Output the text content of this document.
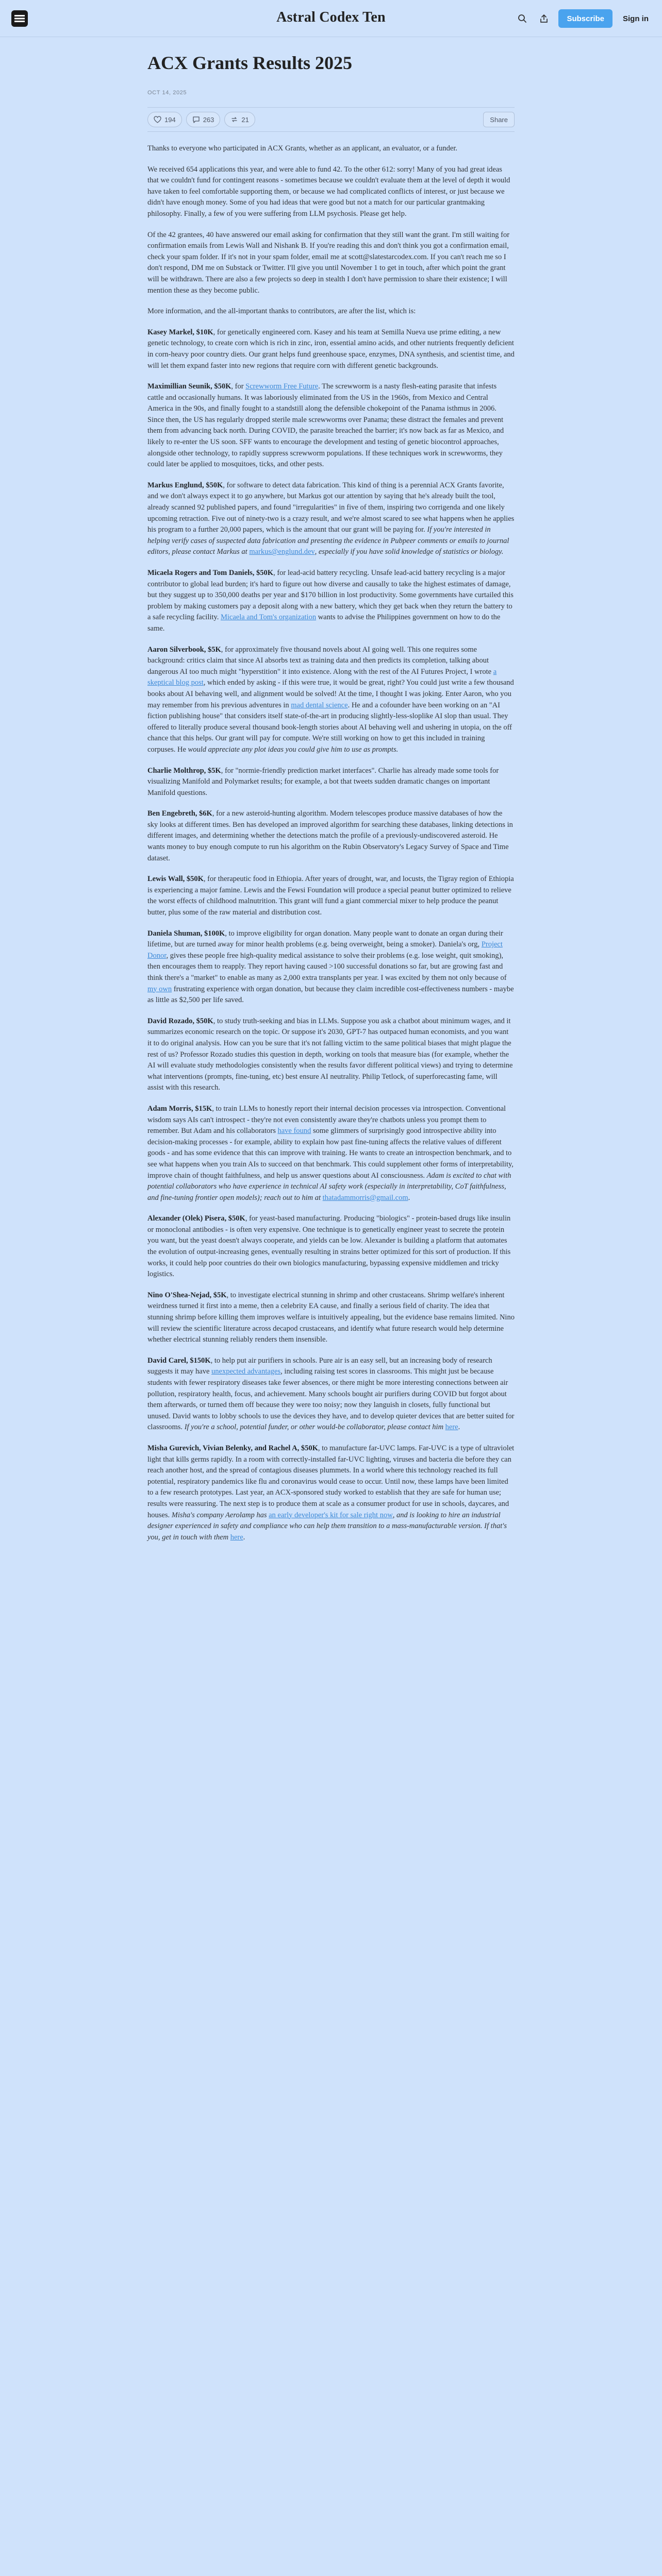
Astral Codex Ten	Subscribe	Sign in
ACX Grants Results 2025
OCT 14, 2025
194	263	21	Share

Thanks to everyone who participated in ACX Grants, whether as an applicant, an evaluator, or a funder.

We received 654 applications this year, and were able to fund 42. To the other 612: sorry! Many of you had great ideas that we couldn't fund for contingent reasons - sometimes because we couldn't evaluate them at the level of depth it would have taken to feel comfortable supporting them, or because we had complicated conflicts of interest, or just because we didn't have enough money. Some of you had ideas that were good but not a match for our particular grantmaking philosophy. Finally, a few of you were suffering from LLM psychosis. Please get help.

Of the 42 grantees, 40 have answered our email asking for confirmation that they still want the grant. I'm still waiting for confirmation emails from Lewis Wall and Nishank B. If you're reading this and don't think you got a confirmation email, check your spam folder. If it's not in your spam folder, email me at scott@slatestarcodex.com. If you can't reach me so I don't respond, DM me on Substack or Twitter. I'll give you until November 1 to get in touch, after which point the grant will be withdrawn. There are also a few projects so deep in stealth I don't have permission to share their existence; I will mention these as they become public.

More information, and the all-important thanks to contributors, are after the list, which is:

Kasey Markel, $10K, for genetically engineered corn. Kasey and his team at Semilla Nueva use prime editing, a new genetic technology, to create corn which is rich in zinc, iron, essential amino acids, and other nutrients frequently deficient in corn-heavy poor country diets. Our grant helps fund greenhouse space, enzymes, DNA synthesis, and scientist time, and will let them expand faster into new regions that require corn with different genetic backgrounds.

Maximillian Seunik, $50K, for Screwworm Free Future. The screwworm is a nasty flesh-eating parasite that infests cattle and occasionally humans. It was laboriously eliminated from the US in the 1960s, from Mexico and Central America in the 90s, and finally fought to a standstill along the defensible chokepoint of the Panama isthmus in 2006. Since then, the US has regularly dropped sterile male screwworms over Panama; these distract the females and prevent them from advancing back north. During COVID, the parasite breached the barrier; it's now back as far as Mexico, and likely to re-enter the US soon. SFF wants to encourage the development and testing of genetic biocontrol approaches, alongside other technology, to rapidly suppress screwworm populations. If these techniques work in screwworms, they could later be applied to mosquitoes, ticks, and other pests.

Markus Englund, $50K, for software to detect data fabrication. This kind of thing is a perennial ACX Grants favorite, and we don't always expect it to go anywhere, but Markus got our attention by saying that he's already built the tool, already scanned 92 published papers, and found "irregularities" in five of them, inspiring two corrigenda and one likely upcoming retraction. Five out of ninety-two is a crazy result, and we're almost scared to see what happens when he applies his program to a further 20,000 papers, which is the amount that our grant will be paying for. If you're interested in helping verify cases of suspected data fabrication and presenting the evidence in Pubpeer comments or emails to journal editors, please contact Markus at markus@englund.dev, especially if you have solid knowledge of statistics or biology.

Micaela Rogers and Tom Daniels, $50K, for lead-acid battery recycling. Unsafe lead-acid battery recycling is a major contributor to global lead burden; it's hard to figure out how diverse and causally to take the highest estimates of damage, but they suggest up to 350,000 deaths per year and $170 billion in lost productivity. Some governments have curtailed this problem by making customers pay a deposit along with a new battery, which they get back when they return the battery to a safe recycling facility. Micaela and Tom's organization wants to advise the Philippines government on how to do the same.

Aaron Silverbook, $5K, for approximately five thousand novels about AI going well. This one requires some background: critics claim that since AI absorbs text as training data and then predicts its completion, talking about dangerous AI too much might "hyperstition" it into existence. Along with the rest of the AI Futures Project, I wrote a skeptical blog post, which ended by asking - if this were true, it would be great, right? You could just write a few thousand books about AI behaving well, and alignment would be solved! At the time, I thought I was joking. Enter Aaron, who you may remember from his previous adventures in mad dental science. He and a cofounder have been working on an "AI fiction publishing house" that considers itself state-of-the-art in producing slightly-less-sloplike AI slop than usual. They offered to literally produce several thousand book-length stories about AI behaving well and ushering in utopia, on the off chance that this helps. Our grant will pay for compute. We're still working on how to get this included in training corpuses. He would appreciate any plot ideas you could give him to use as prompts.

Charlie Molthrop, $5K, for "normie-friendly prediction market interfaces". Charlie has already made some tools for visualizing Manifold and Polymarket results; for example, a bot that tweets sudden dramatic changes on important Manifold questions.

Ben Engebreth, $6K, for a new asteroid-hunting algorithm. Modern telescopes produce massive databases of how the sky looks at different times. Ben has developed an improved algorithm for searching these databases, linking detections in different images, and determining whether the detections match the profile of a previously-undiscovered asteroid. He wants money to buy enough compute to run his algorithm on the Rubin Observatory's Legacy Survey of Space and Time dataset.

Lewis Wall, $50K, for therapeutic food in Ethiopia. After years of drought, war, and locusts, the Tigray region of Ethiopia is experiencing a major famine. Lewis and the Fewsi Foundation will produce a special peanut butter optimized to relieve the worst effects of childhood malnutrition. This grant will fund a giant commercial mixer to help produce the peanut butter, plus some of the raw material and distribution cost.

Daniela Shuman, $100K, to improve eligibility for organ donation. Many people want to donate an organ during their lifetime, but are turned away for minor health problems (e.g. being overweight, being a smoker). Daniela's org, Project Donor, gives these people free high-quality medical assistance to solve their problems (e.g. lose weight, quit smoking), then encourages them to reapply. They report having caused >100 successful donations so far, but are growing fast and think there's a "market" to enable as many as 2,000 extra transplants per year. I was excited by them not only because of my own frustrating experience with organ donation, but because they claim incredible cost-effectiveness numbers - maybe as little as $2,500 per life saved.

David Rozado, $50K, to study truth-seeking and bias in LLMs. Suppose you ask a chatbot about minimum wages, and it summarizes economic research on the topic. Or suppose it's 2030, GPT-7 has outpaced human economists, and you want it to do original analysis. How can you be sure that it's not falling victim to the same political biases that might plague the rest of us? Professor Rozado studies this question in depth, working on tools that measure bias (for example, whether the AI will evaluate study methodologies consistently when the results favor different political views) and trying to determine what interventions (prompts, fine-tuning, etc) best ensure AI neutrality. Philip Tetlock, of superforecasting fame, will assist with this research.

Adam Morris, $15K, to train LLMs to honestly report their internal decision processes via introspection. Conventional wisdom says AIs can't introspect - they're not even consistently aware they're chatbots unless you prompt them to remember. But Adam and his collaborators have found some glimmers of surprisingly good introspective ability into decision-making processes - for example, ability to explain how past fine-tuning affects the relative values of different goods - and has some evidence that this can improve with training. He wants to create an introspection benchmark, and to see what happens when you train AIs to succeed on that benchmark. This could supplement other forms of interpretability, improve chain of thought faithfulness, and help us answer questions about AI consciousness. Adam is excited to chat with potential collaborators who have experience in technical AI safety work (especially in interpretability, CoT faithfulness, and fine-tuning frontier open models); reach out to him at thatadammorris@gmail.com.

Alexander (Olek) Pisera, $50K, for yeast-based manufacturing. Producing "biologics" - protein-based drugs like insulin or monoclonal antibodies - is often very expensive. One technique is to genetically engineer yeast to secrete the protein you want, but the yeast doesn't always cooperate, and yields can be low. Alexander is building a platform that automates the evolution of output-increasing genes, eventually resulting in strains better optimized for this sort of production. If this works, it could help poor countries do their own biologics manufacturing, bypassing expensive middlemen and tricky logistics.

Nino O'Shea-Nejad, $5K, to investigate electrical stunning in shrimp and other crustaceans. Shrimp welfare's inherent weirdness turned it first into a meme, then a celebrity EA cause, and finally a serious field of charity. The idea that stunning shrimp before killing them improves welfare is intuitively appealing, but the evidence base remains limited. Nino will review the scientific literature across decapod crustaceans, and identify what future research would help determine whether electrical stunning reliably renders them insensible.

David Carel, $150K, to help put air purifiers in schools. Pure air is an easy sell, but an increasing body of research suggests it may have unexpected advantages, including raising test scores in classrooms. This might just be because students with fewer respiratory diseases take fewer absences, or there might be more interesting connections between air pollution, respiratory health, focus, and achievement. Many schools bought air purifiers during COVID but forgot about them afterwards, or turned them off because they were too noisy; now they languish in closets, fully functional but unused. David wants to lobby schools to use the devices they have, and to develop quieter devices that are better suited for classrooms. If you're a school, potential funder, or other would-be collaborator, please contact him here.

Misha Gurevich, Vivian Belenky, and Rachel A, $50K, to manufacture far-UVC lamps. Far-UVC is a type of ultraviolet light that kills germs rapidly. In a room with correctly-installed far-UVC lighting, viruses and bacteria die before they can reach another host, and the spread of contagious diseases plummets. In a world where this technology reached its full potential, respiratory pandemics like flu and coronavirus would cease to occur. Until now, these lamps have been limited to a few research prototypes. Last year, an ACX-sponsored study worked to establish that they are safe for human use; results were reassuring. The next step is to produce them at scale as a consumer product for use in schools, daycares, and houses. Misha's company Aerolamp has an early developer's kit for sale right now, and is looking to hire an industrial designer experienced in safety and compliance who can help them transition to a mass-manufacturable version. If that's you, get in touch with them here.
